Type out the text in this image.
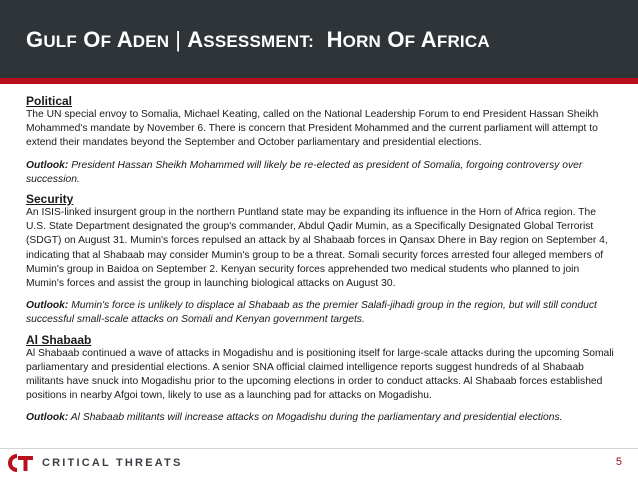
GULF OF ADEN | ASSESSMENT: HORN OF AFRICA

Political

The UN special envoy to Somalia, Michael Keating, called on the National Leadership Forum to end President Hassan Sheikh Mohammed's mandate by November 6. There is concern that President Mohammed and the current parliament will attempt to extend their mandates beyond the September and October parliamentary and presidential elections.

Outlook: President Hassan Sheikh Mohammed will likely be re-elected as president of Somalia, forgoing controversy over succession.

Security

An ISIS-linked insurgent group in the northern Puntland state may be expanding its influence in the Horn of Africa region. The U.S. State Department designated the group's commander, Abdul Qadir Mumin, as a Specifically Designated Global Terrorist (SDGT) on August 31. Mumin's forces repulsed an attack by al Shabaab forces in Qansax Dhere in Bay region on September 4, indicating that al Shabaab may consider Mumin's group to be a threat. Somali security forces arrested four alleged members of Mumin's group in Baidoa on September 2. Kenyan security forces apprehended two medical students who planned to join Mumin's forces and assist the group in launching biological attacks on August 30.

Outlook: Mumin's force is unlikely to displace al Shabaab as the premier Salafi-jihadi group in the region, but will still conduct successful small-scale attacks on Somali and Kenyan government targets.

Al Shabaab

Al Shabaab continued a wave of attacks in Mogadishu and is positioning itself for large-scale attacks during the upcoming Somali parliamentary and presidential elections. A senior SNA official claimed intelligence reports suggest hundreds of al Shabaab militants have snuck into Mogadishu prior to the upcoming elections in order to conduct attacks. Al Shabaab forces established positions in nearby Afgoi town, likely to use as a launching pad for attacks on Mogadishu.

Outlook: Al Shabaab militants will increase attacks on Mogadishu during the parliamentary and presidential elections.

CRITICAL THREATS	5
